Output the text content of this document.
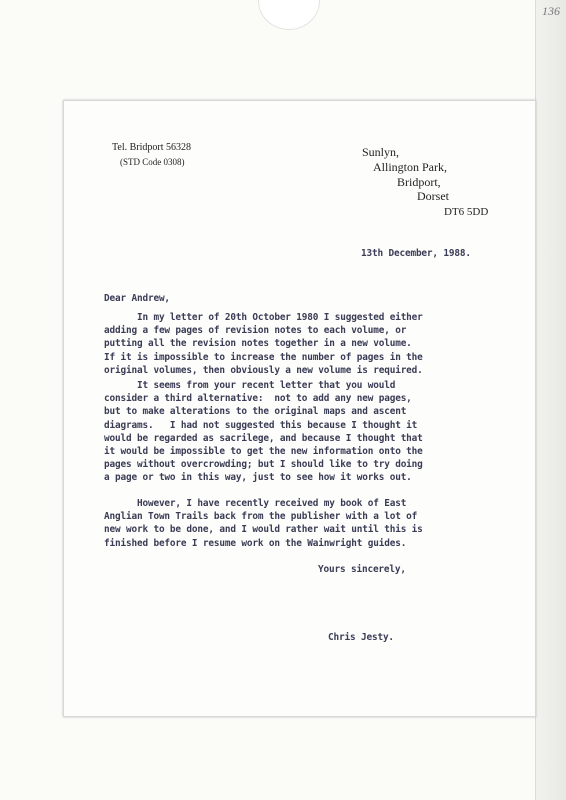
136
Tel. Bridport 56328
(STD Code 0308)
Sunlyn,
Allington Park,
Bridport,
Dorset
DT6 5DD
13th December, 1988.
Dear Andrew,
In my letter of 20th October 1980 I suggested either
adding a few pages of revision notes to each volume, or
putting all the revision notes together in a new volume.
If it is impossible to increase the number of pages in the
original volumes, then obviously a new volume is required.
It seems from your recent letter that you would
consider a third alternative:  not to add any new pages,
but to make alterations to the original maps and ascent
diagrams.   I had not suggested this because I thought it
would be regarded as sacrilege, and because I thought that
it would be impossible to get the new information onto the
pages without overcrowding; but I should like to try doing
a page or two in this way, just to see how it works out.
However, I have recently received my book of East
Anglian Town Trails back from the publisher with a lot of
new work to be done, and I would rather wait until this is
finished before I resume work on the Wainwright guides.
Yours sincerely,
Chris Jesty.
